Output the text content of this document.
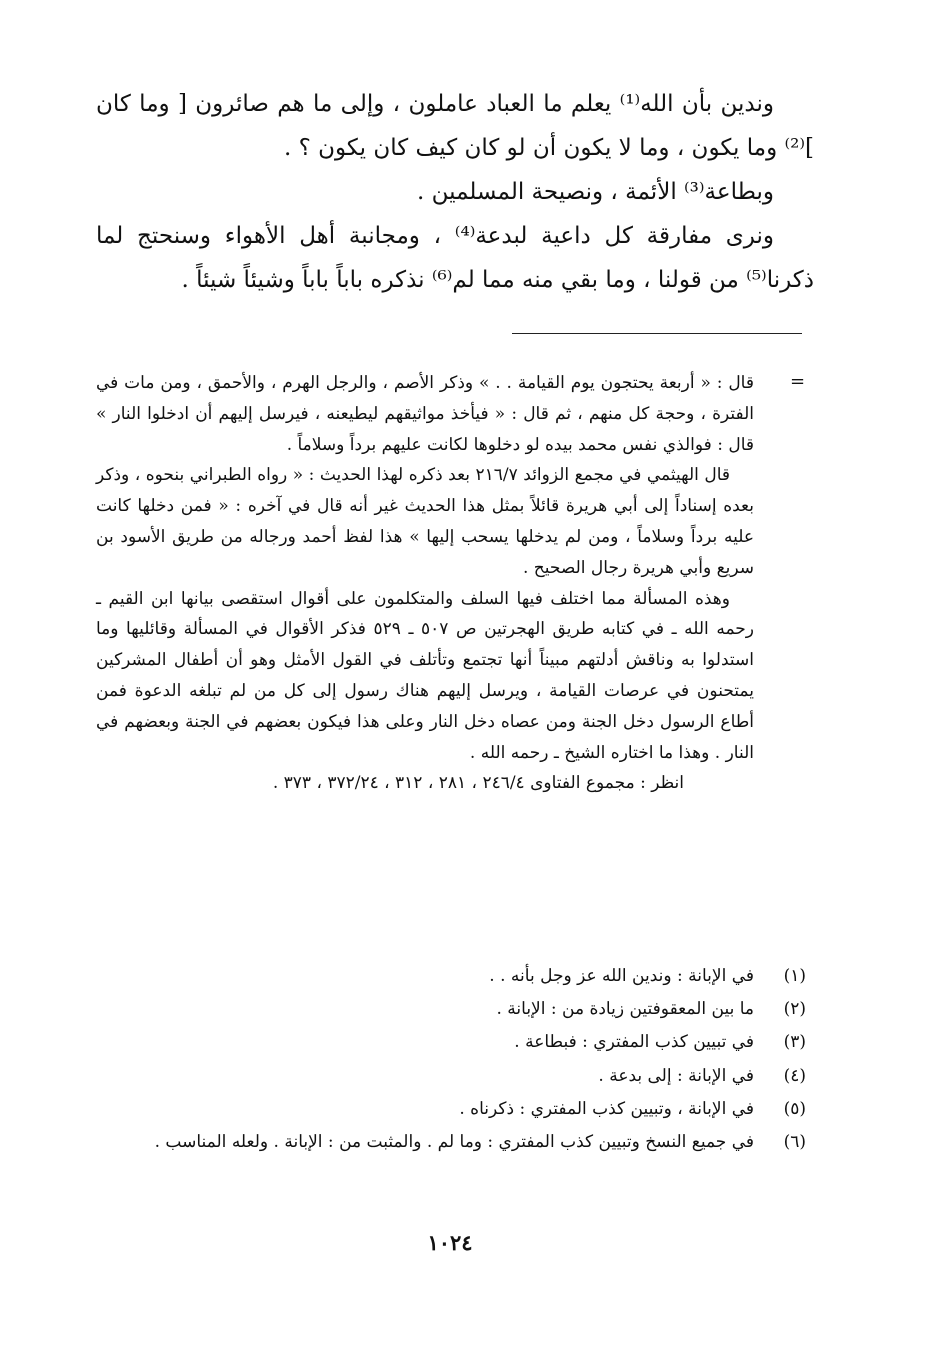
وندين بأن الله⁽¹⁾ يعلم ما العباد عاملون ، وإلى ما هم صائرون [ وما كان ]⁽²⁾ وما يكون ، وما لا يكون أن لو كان كيف كان يكون ؟ .

وبطاعة⁽³⁾ الأئمة ، ونصيحة المسلمين .

ونرى مفارقة كل داعية لبدعة⁽⁴⁾ ، ومجانبة أهل الأهواء وسنحتج لما ذكرنا⁽⁵⁾ من قولنا ، وما بقي منه مما لم⁽⁶⁾ نذكره باباً باباً وشيئاً شيئاً .

=

قال : « أربعة يحتجون يوم القيامة . . » وذكر الأصم ، والرجل الهرم ، والأحمق ، ومن مات في الفترة ، وحجة كل منهم ، ثم قال : « فيأخذ مواثيقهم ليطيعنه ، فيرسل إليهم أن ادخلوا النار » قال : فوالذي نفس محمد بيده لو دخلوها لكانت عليهم برداً وسلاماً .

قال الهيثمي في مجمع الزوائد ٢١٦/٧ بعد ذكره لهذا الحديث : « رواه الطبراني بنحوه ، وذكر بعده إسناداً إلى أبي هريرة قائلاً بمثل هذا الحديث غير أنه قال في آخره : « فمن دخلها كانت عليه برداً وسلاماً ، ومن لم يدخلها يسحب إليها » هذا لفظ أحمد ورجاله من طريق الأسود بن سريع وأبي هريرة رجال الصحيح .

وهذه المسألة مما اختلف فيها السلف والمتكلمون على أقوال استقصى بيانها ابن القيم ـ رحمه الله ـ في كتابه طريق الهجرتين ص ٥٠٧ ـ ٥٢٩ فذكر الأقوال في المسألة وقائليها وما استدلوا به وناقش أدلتهم مبيناً أنها تجتمع وتأتلف في القول الأمثل وهو أن أطفال المشركين يمتحنون في عرصات القيامة ، ويرسل إليهم هناك رسول إلى كل من لم تبلغه الدعوة فمن أطاع الرسول دخل الجنة ومن عصاه دخل النار وعلى هذا فيكون بعضهم في الجنة وبعضهم في النار . وهذا ما اختاره الشيخ ـ رحمه الله .

انظر : مجموع الفتاوى ٢٤٦/٤ ، ٢٨١ ، ٣١٢ ، ٣٧٢/٢٤ ، ٣٧٣ .

(١)
في الإبانة : وندين الله عز وجل بأنه . .
(٢)
ما بين المعقوفتين زيادة من : الإبانة .
(٣)
في تبيين كذب المفتري : فبطاعة .
(٤)
في الإبانة : إلى بدعة .
(٥)
في الإبانة ، وتبيين كذب المفتري : ذكرناه .
(٦)
في جميع النسخ وتبيين كذب المفتري : وما لم . والمثبت من : الإبانة . ولعله المناسب .
١٠٢٤
